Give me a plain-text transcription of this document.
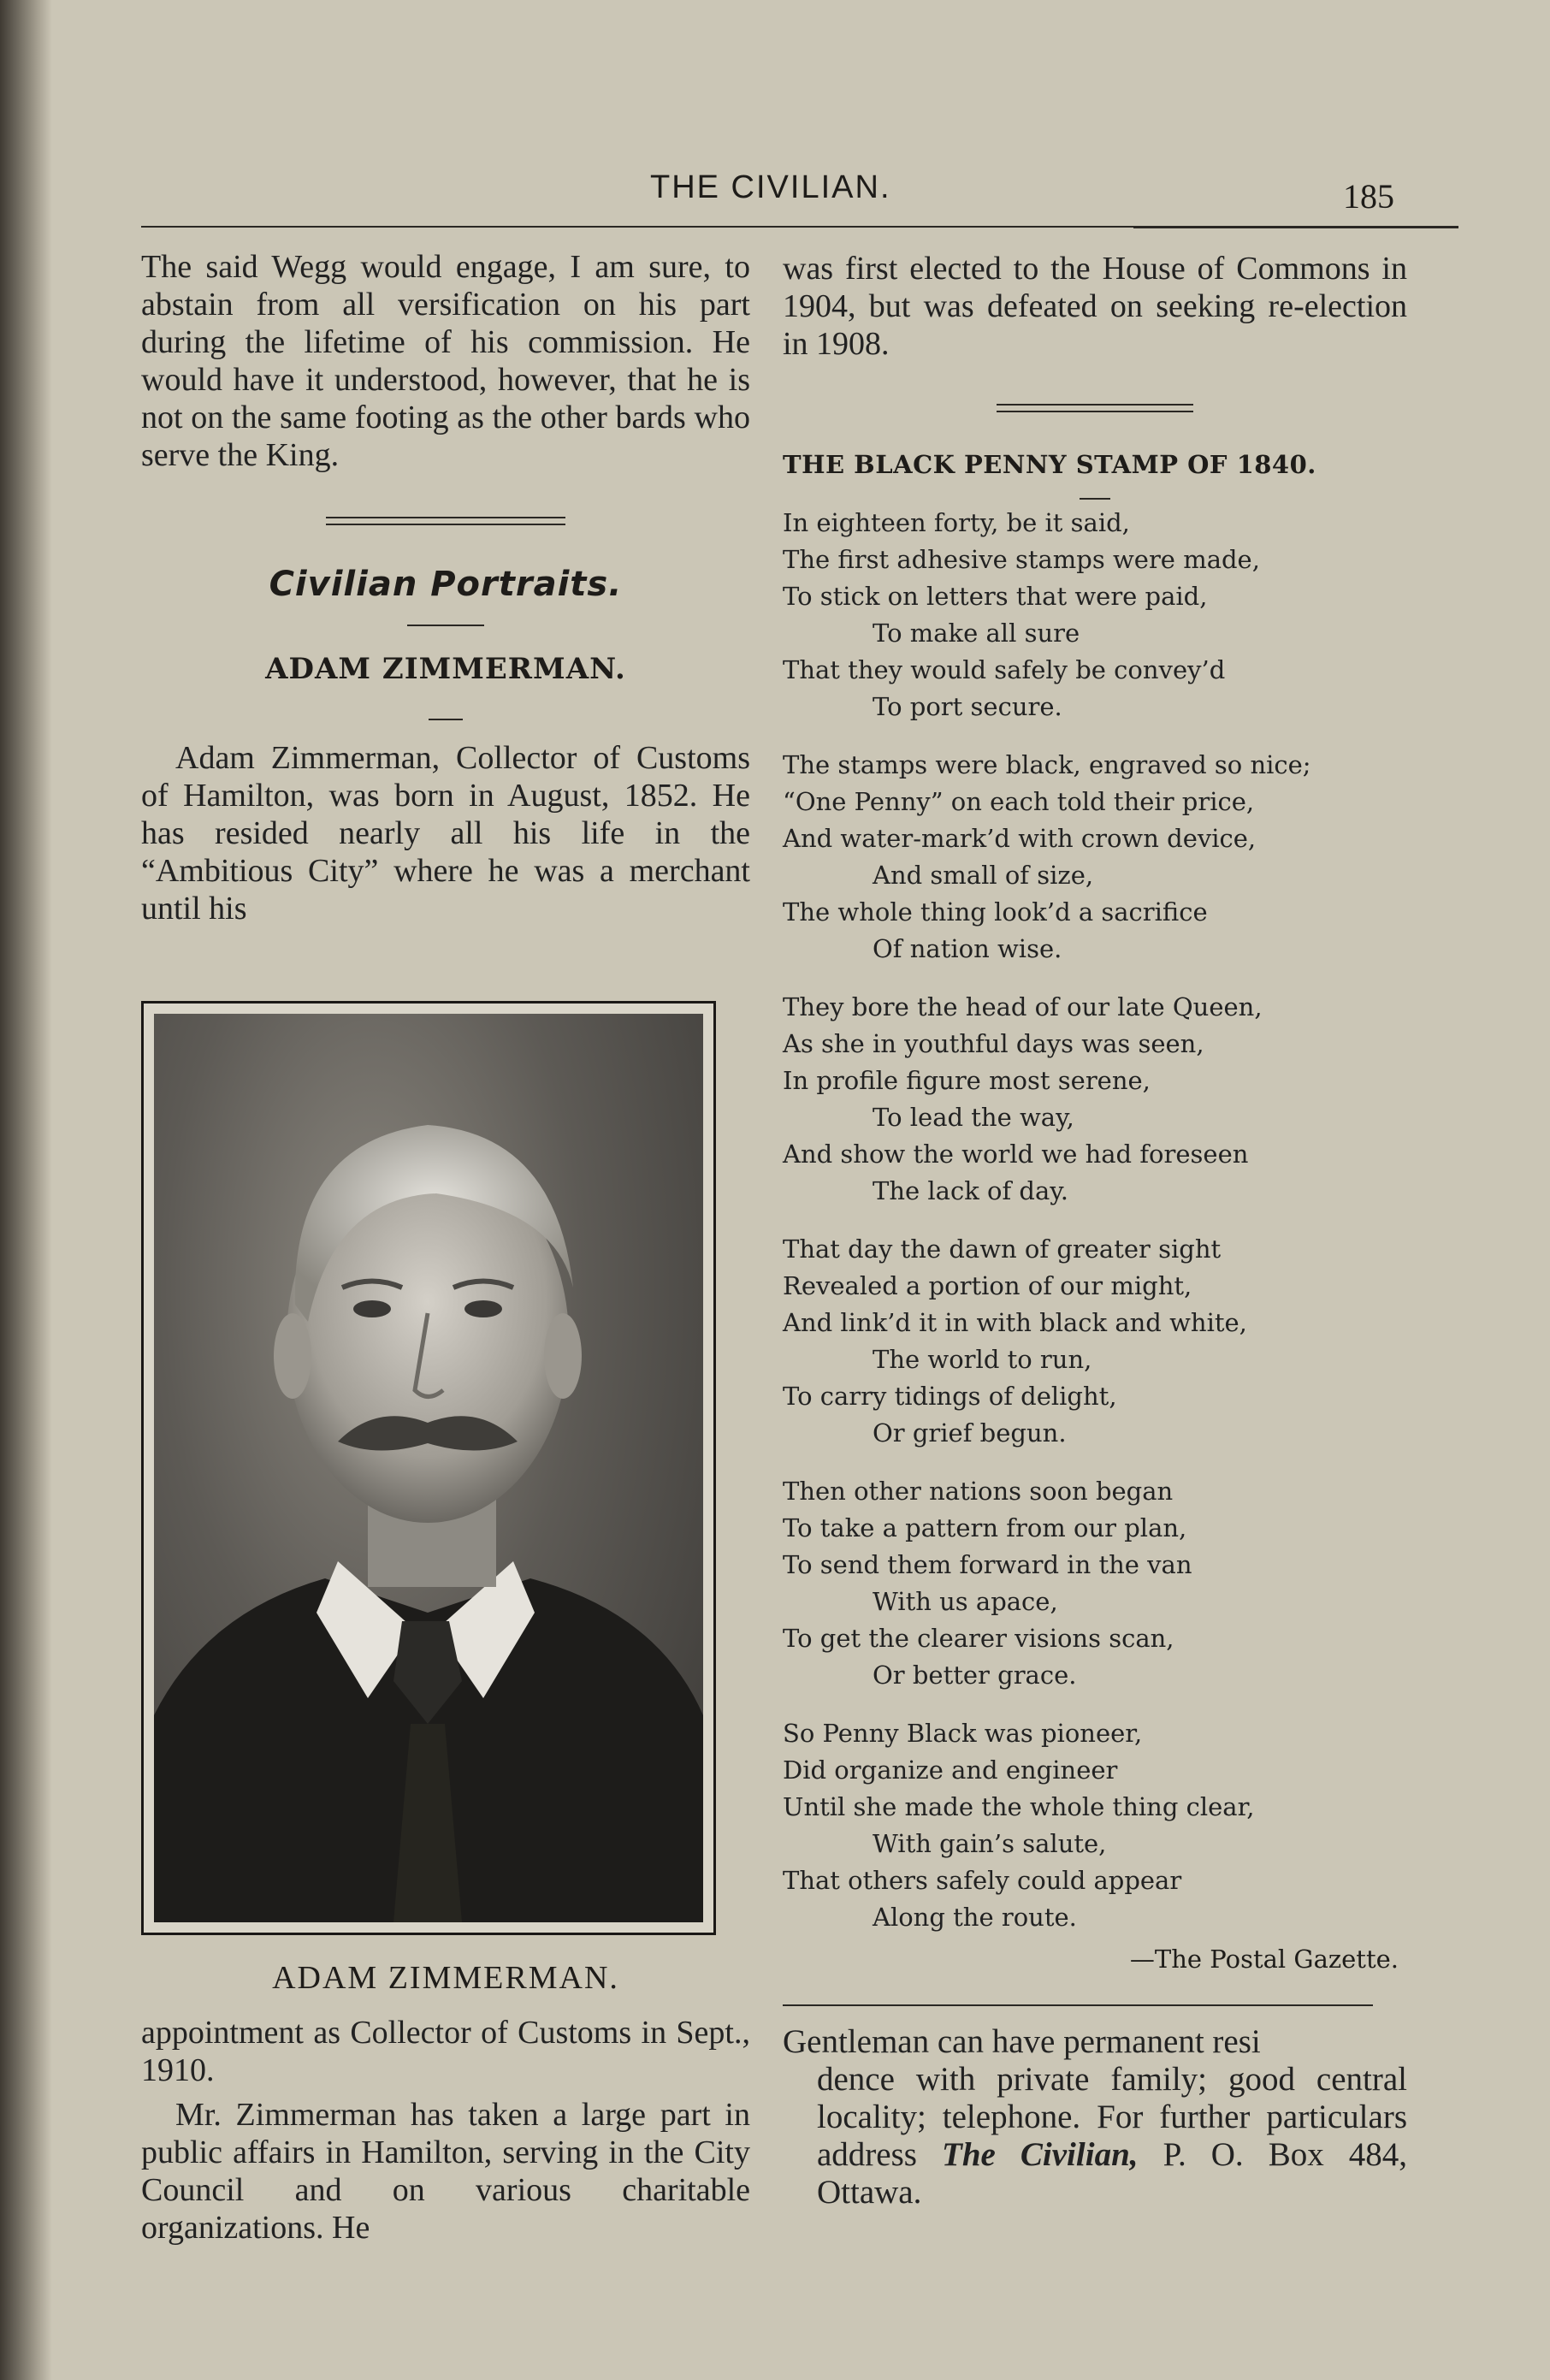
THE CIVILIAN.	185

The said Wegg would engage, I am sure, to abstain from all versification on his part during the lifetime of his commission. He would have it understood, however, that he is not on the same footing as the other bards who serve the King.

Civilian Portraits.
ADAM ZIMMERMAN.

Adam Zimmerman, Collector of Customs of Hamilton, was born in August, 1852. He has resided nearly all his life in the “Ambitious City” where he was a merchant until his

ADAM ZIMMERMAN.

appointment as Collector of Customs in Sept., 1910.

Mr. Zimmerman has taken a large part in public affairs in Hamilton, serving in the City Council and on various charitable organizations. He

was first elected to the House of Commons in 1904, but was defeated on seeking re-election in 1908.

THE BLACK PENNY STAMP OF 1840.
In eighteen forty, be it said,
The first adhesive stamps were made,
To stick on letters that were paid,
To make all sure
That they would safely be convey’d
To port secure.
The stamps were black, engraved so nice;
“One Penny” on each told their price,
And water-mark’d with crown device,
And small of size,
The whole thing look’d a sacrifice
Of nation wise.
They bore the head of our late Queen,
As she in youthful days was seen,
In profile figure most serene,
To lead the way,
And show the world we had foreseen
The lack of day.
That day the dawn of greater sight
Revealed a portion of our might,
And link’d it in with black and white,
The world to run,
To carry tidings of delight,
Or grief begun.
Then other nations soon began
To take a pattern from our plan,
To send them forward in the van
With us apace,
To get the clearer visions scan,
Or better grace.
So Penny Black was pioneer,
Did organize and engineer
Until she made the whole thing clear,
With gain’s salute,
That others safely could appear
Along the route.
—The Postal Gazette.
Gentleman can have permanent resi
dence with private family; good central locality; telephone. For further particulars address The Civilian, P. O. Box 484, Ottawa.
